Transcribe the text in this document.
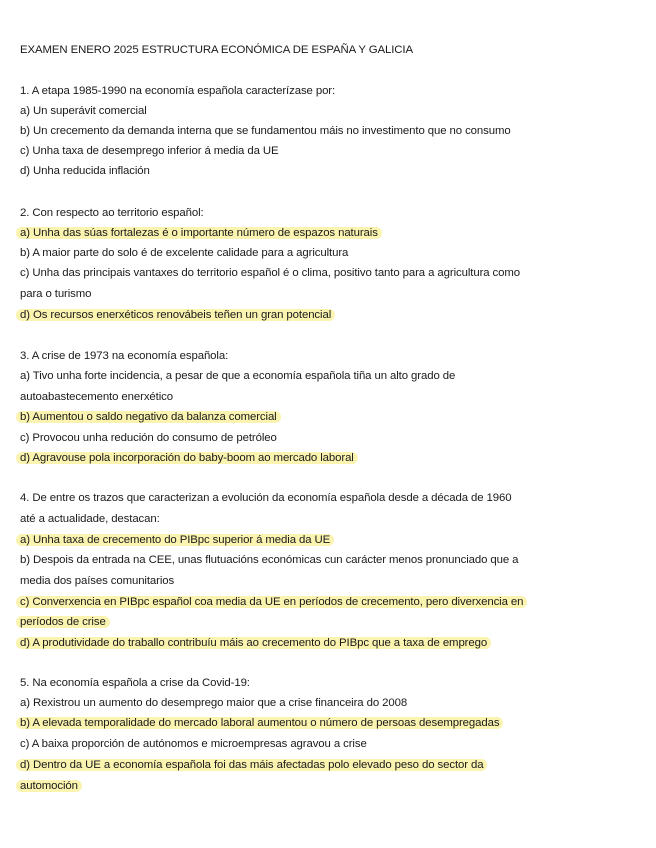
EXAMEN ENERO 2025 ESTRUCTURA ECONÓMICA DE ESPAÑA Y GALICIA
1. A etapa 1985-1990 na economía española caracterízase por:
a) Un superávit comercial
b) Un crecemento da demanda interna que se fundamentou máis no investimento que no consumo
c) Unha taxa de desemprego inferior á media da UE
d) Unha reducida inflación
2. Con respecto ao territorio español:
a) Unha das súas fortalezas é o importante número de espazos naturais
b) A maior parte do solo é de excelente calidade para a agricultura
c) Unha das principais vantaxes do territorio español é o clima, positivo tanto para a agricultura como
para o turismo
d) Os recursos enerxéticos renovábeis teñen un gran potencial
3. A crise de 1973 na economía española:
a) Tivo unha forte incidencia, a pesar de que a economía española tiña un alto grado de
autoabastecemento enerxético
b) Aumentou o saldo negativo da balanza comercial
c) Provocou unha redución do consumo de petróleo
d) Agravouse pola incorporación do baby-boom ao mercado laboral
4. De entre os trazos que caracterizan a evolución da economía española desde a década de 1960
até a actualidade, destacan:
a) Unha taxa de crecemento do PIBpc superior á media da UE
b) Despois da entrada na CEE, unas flutuacións económicas cun carácter menos pronunciado que a
media dos países comunitarios
c) Converxencia en PIBpc español coa media da UE en períodos de crecemento, pero diverxencia en
períodos de crise
d) A produtividade do traballo contribuíu máis ao crecemento do PIBpc que a taxa de emprego
5. Na economía española a crise da Covid-19:
a) Rexistrou un aumento do desemprego maior que a crise financeira do 2008
b) A elevada temporalidade do mercado laboral aumentou o número de persoas desempregadas
c) A baixa proporción de autónomos e microempresas agravou a crise
d) Dentro da UE a economía española foi das máis afectadas polo elevado peso do sector da
automoción
